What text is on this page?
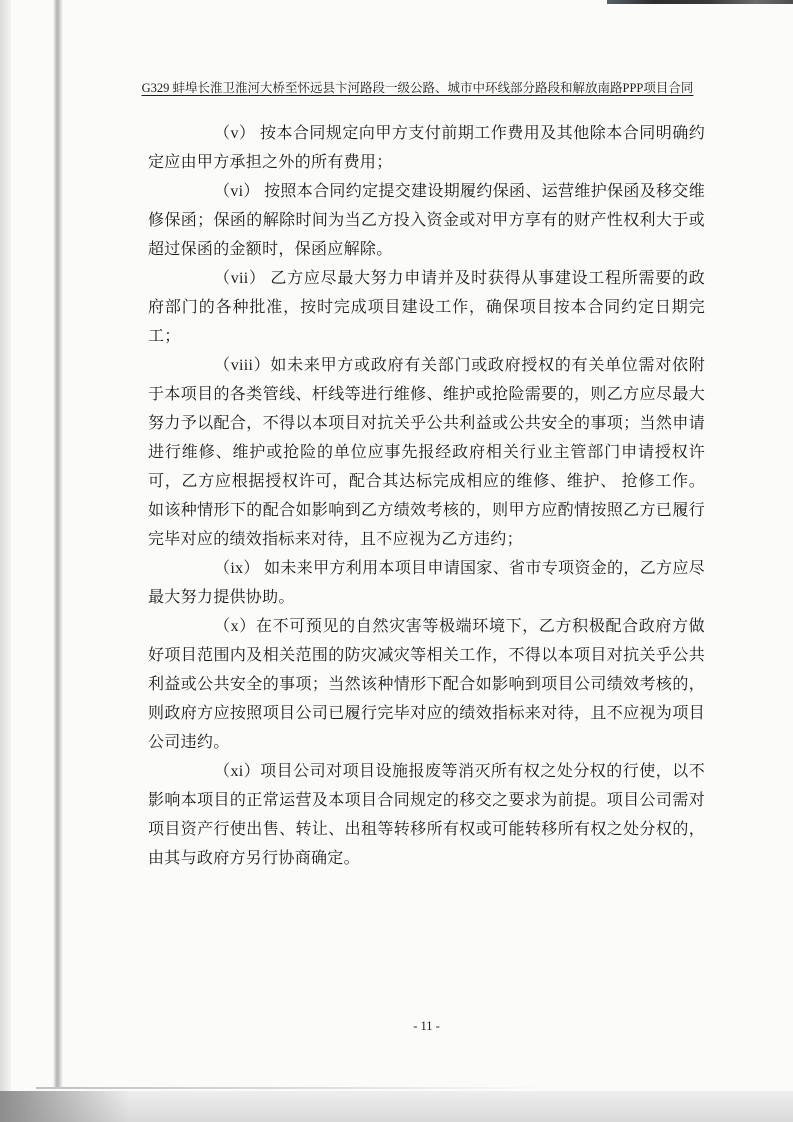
G329 蚌埠长淮卫淮河大桥至怀远县卞河路段一级公路、城市中环线部分路段和解放南路PPP项目合同

（v） 按本合同规定向甲方支付前期工作费用及其他除本合同明确约定应由甲方承担之外的所有费用；

（vi） 按照本合同约定提交建设期履约保函、运营维护保函及移交维修保函；保函的解除时间为当乙方投入资金或对甲方享有的财产性权利大于或超过保函的金额时，保函应解除。

（vii） 乙方应尽最大努力申请并及时获得从事建设工程所需要的政府部门的各种批准，按时完成项目建设工作，确保项目按本合同约定日期完工；

（viii）如未来甲方或政府有关部门或政府授权的有关单位需对依附于本项目的各类管线、杆线等进行维修、维护或抢险需要的，则乙方应尽最大努力予以配合，不得以本项目对抗关乎公共利益或公共安全的事项；当然申请进行维修、维护或抢险的单位应事先报经政府相关行业主管部门申请授权许可，乙方应根据授权许可，配合其达标完成相应的维修、维护、 抢修工作。如该种情形下的配合如影响到乙方绩效考核的，则甲方应酌情按照乙方已履行完毕对应的绩效指标来对待，且不应视为乙方违约；

（ix） 如未来甲方利用本项目申请国家、省市专项资金的，乙方应尽最大努力提供协助。

（x）在不可预见的自然灾害等极端环境下，乙方积极配合政府方做好项目范围内及相关范围的防灾减灾等相关工作，不得以本项目对抗关乎公共利益或公共安全的事项；当然该种情形下配合如影响到项目公司绩效考核的，则政府方应按照项目公司已履行完毕对应的绩效指标来对待，且不应视为项目公司违约。

（xi）项目公司对项目设施报废等消灭所有权之处分权的行使，以不影响本项目的正常运营及本项目合同规定的移交之要求为前提。项目公司需对项目资产行使出售、转让、出租等转移所有权或可能转移所有权之处分权的，由其与政府方另行协商确定。

- 11 -
